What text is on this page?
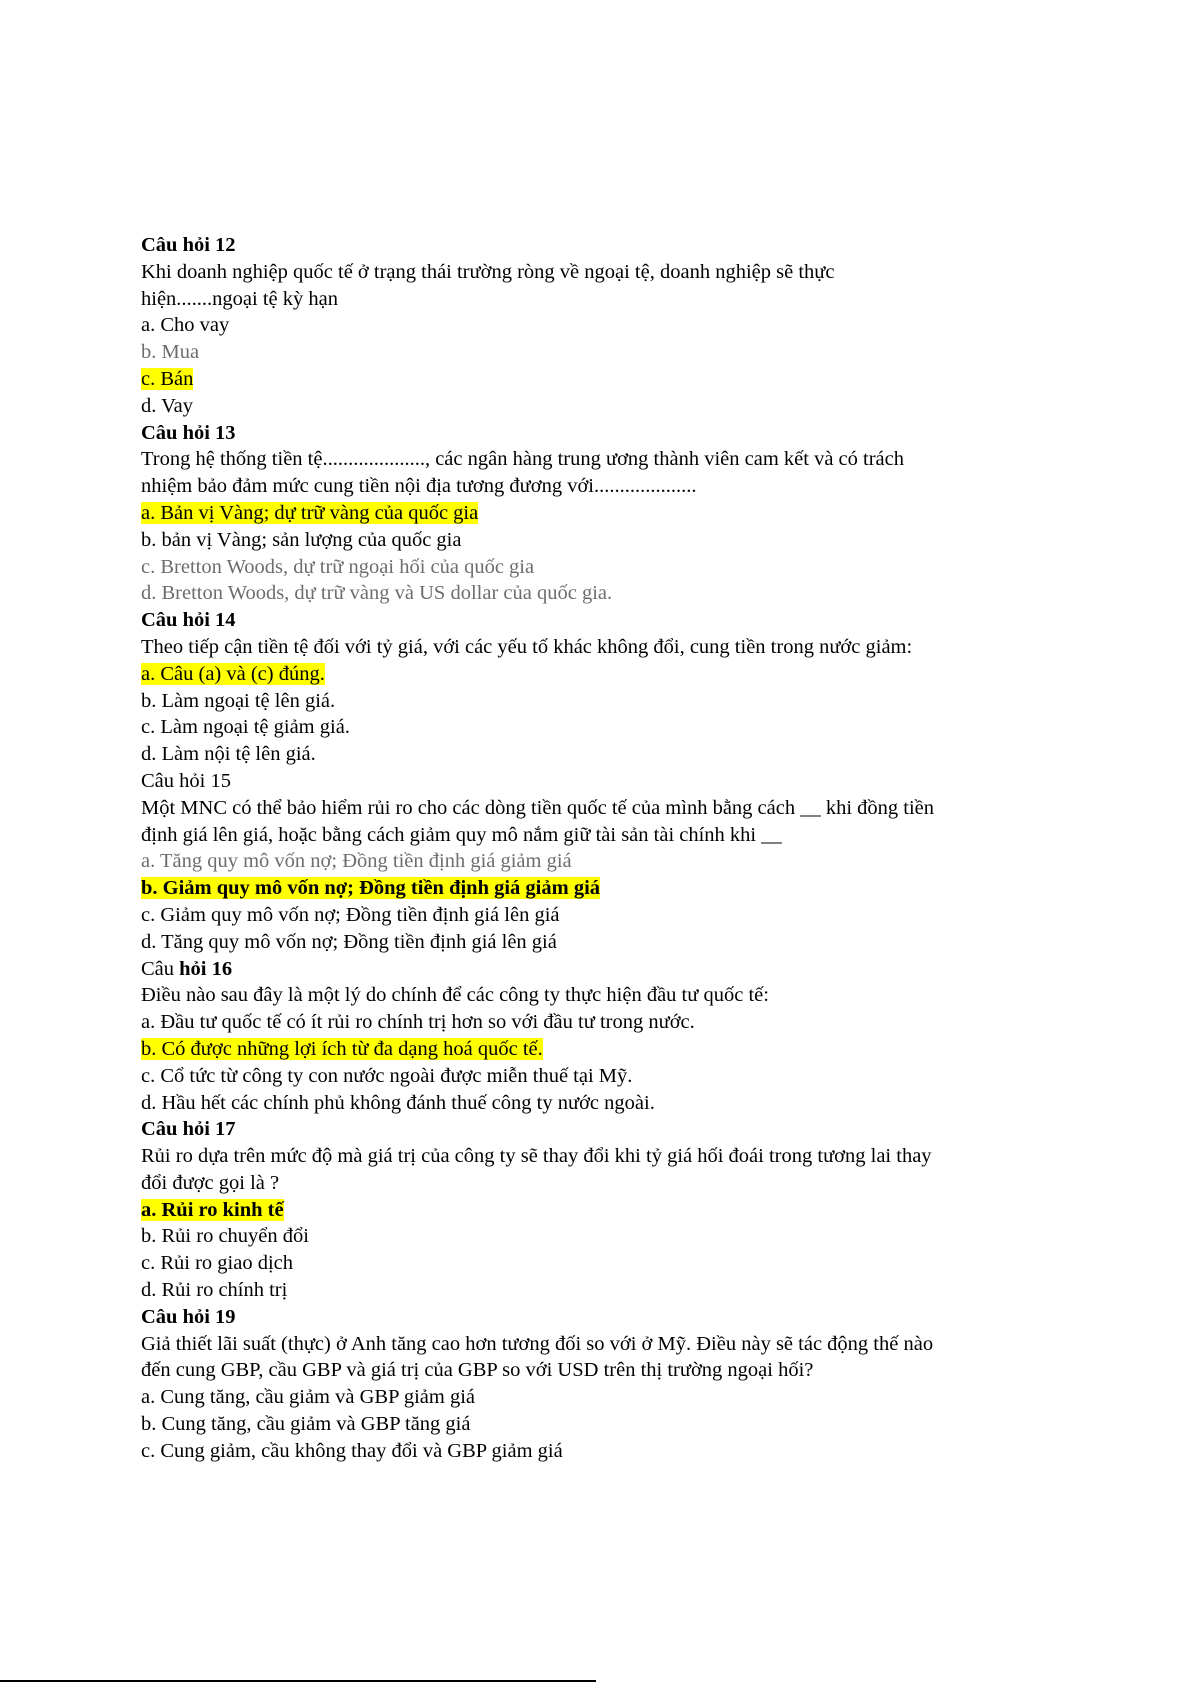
Câu hỏi 12
Khi doanh nghiệp quốc tế ở trạng thái trường ròng về ngoại tệ, doanh nghiệp sẽ thực
hiện.......ngoại tệ kỳ hạn
a. Cho vay
b. Mua
c. Bán
d. Vay
Câu hỏi 13
Trong hệ thống tiền tệ...................., các ngân hàng trung ương thành viên cam kết và có trách
nhiệm bảo đảm mức cung tiền nội địa tương đương với....................
a. Bản vị Vàng; dự trữ vàng của quốc gia
b. bản vị Vàng; sản lượng của quốc gia
c. Bretton Woods, dự trữ ngoại hối của quốc gia
d. Bretton Woods, dự trữ vàng và US dollar của quốc gia.
Câu hỏi 14
Theo tiếp cận tiền tệ đối với tỷ giá, với các yếu tố khác không đổi, cung tiền trong nước giảm:
a. Câu (a) và (c) đúng.
b. Làm ngoại tệ lên giá.
c. Làm ngoại tệ giảm giá.
d. Làm nội tệ lên giá.
Câu hỏi 15
Một MNC có thể bảo hiểm rủi ro cho các dòng tiền quốc tế của mình bằng cách __ khi đồng tiền
định giá lên giá, hoặc bằng cách giảm quy mô nắm giữ tài sản tài chính khi __
a. Tăng quy mô vốn nợ; Đồng tiền định giá giảm giá
b. Giảm quy mô vốn nợ; Đồng tiền định giá giảm giá
c. Giảm quy mô vốn nợ; Đồng tiền định giá lên giá
d. Tăng quy mô vốn nợ; Đồng tiền định giá lên giá
Câu hỏi 16
Điều nào sau đây là một lý do chính để các công ty thực hiện đầu tư quốc tế:
a. Đầu tư quốc tế có ít rủi ro chính trị hơn so với đầu tư trong nước.
b. Có được những lợi ích từ đa dạng hoá quốc tế.
c. Cổ tức từ công ty con nước ngoài được miễn thuế tại Mỹ.
d. Hầu hết các chính phủ không đánh thuế công ty nước ngoài.
Câu hỏi 17
Rủi ro dựa trên mức độ mà giá trị của công ty sẽ thay đổi khi tỷ giá hối đoái trong tương lai thay
đổi được gọi là ?
a. Rủi ro kinh tế
b. Rủi ro chuyển đổi
c. Rủi ro giao dịch
d. Rủi ro chính trị
Câu hỏi 19
Giả thiết lãi suất (thực) ở Anh tăng cao hơn tương đối so với ở Mỹ. Điều này sẽ tác động thế nào
đến cung GBP, cầu GBP và giá trị của GBP so với USD trên thị trường ngoại hối?
a. Cung tăng, cầu giảm và GBP giảm giá
b. Cung tăng, cầu giảm và GBP tăng giá
c. Cung giảm, cầu không thay đổi và GBP giảm giá
